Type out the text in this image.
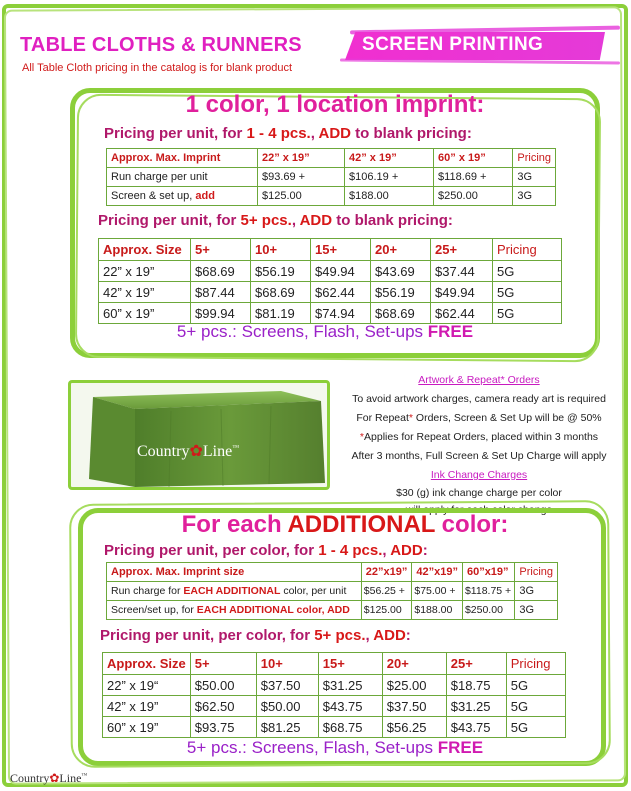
TABLE CLOTHS & RUNNERS
All Table Cloth pricing in the catalog is for blank product
SCREEN PRINTING
1 color, 1 location imprint:
Pricing per unit, for 1 - 4 pcs., ADD to blank pricing:
Approx. Max. Imprint	22” x 19”	42” x 19”	60” x 19”	Pricing
Run charge per unit	$93.69 +	$106.19 +	$118.69 +	3G
Screen & set up, add	$125.00	$188.00	$250.00	3G
Pricing per unit, for 5+ pcs., ADD to blank pricing:
Approx. Size	5+	10+	15+	20+	25+	Pricing
22” x 19”	$68.69	$56.19	$49.94	$43.69	$37.44	5G
42” x 19”	$87.44	$68.69	$62.44	$56.19	$49.94	5G
60” x 19”	$99.94	$81.19	$74.94	$68.69	$62.44	5G
5+ pcs.: Screens, Flash, Set-ups FREE
Country✿Line™
Artwork & Repeat* Orders
To avoid artwork charges, camera ready art is required
For Repeat* Orders, Screen & Set Up will be @ 50%
*Applies for Repeat Orders, placed within 3 months
After 3 months, Full Screen & Set Up Charge will apply
Ink Change Charges
$30 (g) ink change charge per color
will apply for each color change
For each ADDITIONAL color:
Pricing per unit, per color, for 1 - 4 pcs., ADD:
Approx. Max. Imprint size	22”x19”	42”x19”	60”x19”	Pricing
Run charge for EACH ADDITIONAL color, per unit	$56.25 +	$75.00 +	$118.75 +	3G
Screen/set up, for EACH ADDITIONAL color, ADD	$125.00	$188.00	$250.00	3G
Pricing per unit, per color, for 5+ pcs., ADD:
Approx. Size	5+	10+	15+	20+	25+	Pricing
22” x 19“	$50.00	$37.50	$31.25	$25.00	$18.75	5G
42” x 19”	$62.50	$50.00	$43.75	$37.50	$31.25	5G
60” x 19”	$93.75	$81.25	$68.75	$56.25	$43.75	5G
5+ pcs.: Screens, Flash, Set-ups FREE
Country✿Line™
